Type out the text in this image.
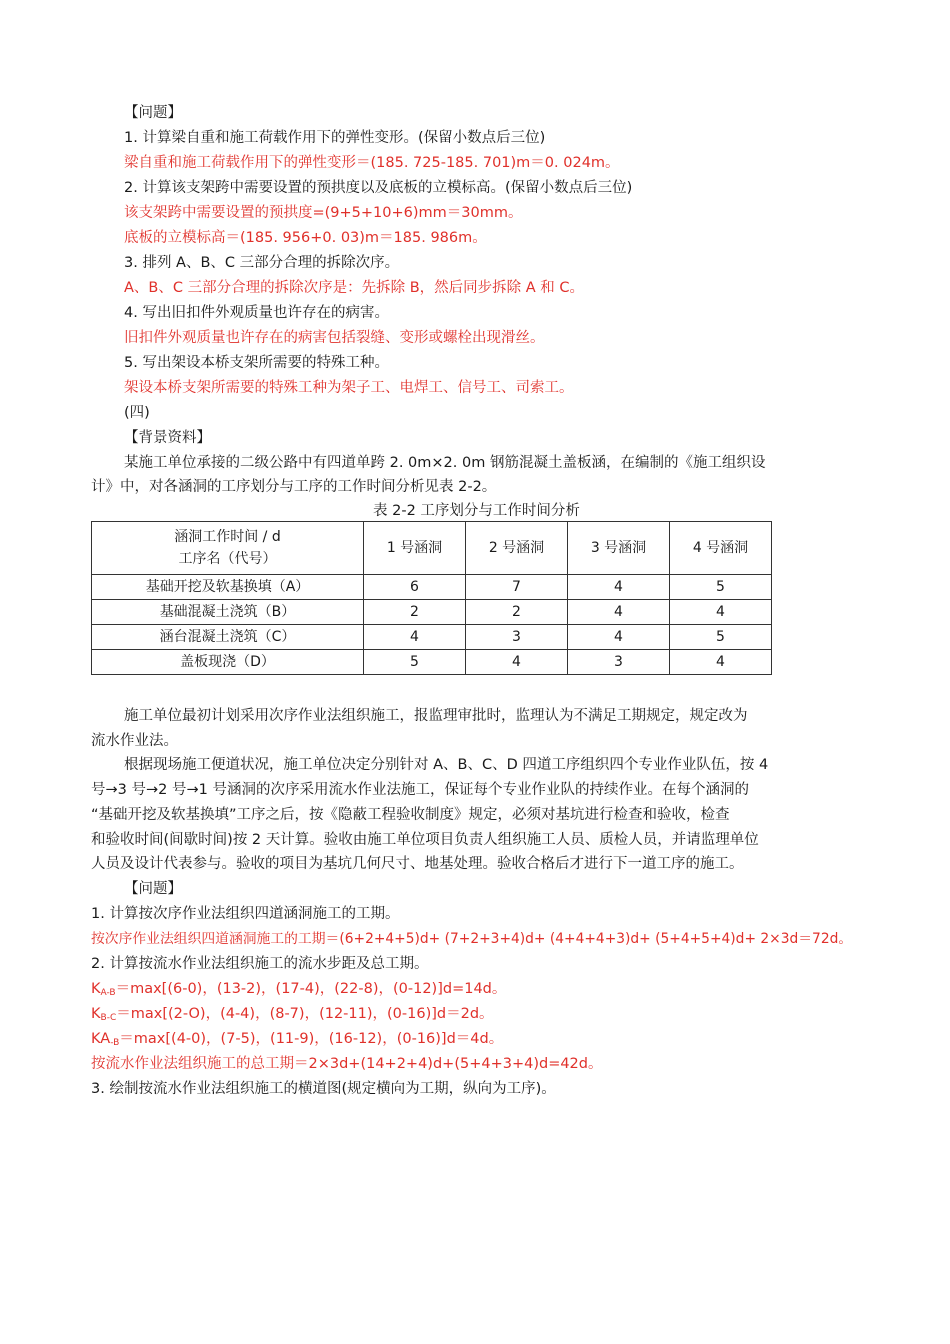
【问题】
1. 计算梁自重和施工荷载作用下的弹性变形。(保留小数点后三位)
梁自重和施工荷载作用下的弹性变形＝(185. 725-185. 701)m＝0. 024m。
2. 计算该支架跨中需要设置的预拱度以及底板的立模标高。(保留小数点后三位)
该支架跨中需要设置的预拱度=(9+5+10+6)mm＝30mm。
底板的立模标高＝(185. 956+0. 03)m＝185. 986m。
3. 排列 A、B、C 三部分合理的拆除次序。
A、B、C 三部分合理的拆除次序是：先拆除 B，然后同步拆除 A 和 C。
4. 写出旧扣件外观质量也许存在的病害。
旧扣件外观质量也许存在的病害包括裂缝、变形或螺栓出现滑丝。
5. 写出架设本桥支架所需要的特殊工种。
架设本桥支架所需要的特殊工种为架子工、电焊工、信号工、司索工。
(四)
【背景资料】
某施工单位承接的二级公路中有四道单跨 2. 0m×2. 0m 钢筋混凝土盖板涵，在编制的《施工组织设
计》中，对各涵洞的工序划分与工序的工作时间分析见表 2-2。
表 2-2 工序划分与工作时间分析
涵洞工作时间 / d
工序名（代号）	1 号涵洞	2 号涵洞	3 号涵洞	4 号涵洞
基础开挖及软基换填（A）	6	7	4	5
基础混凝土浇筑（B）	2	2	4	4
涵台混凝土浇筑（C）	4	3	4	5
盖板现浇（D）	5	4	3	4
施工单位最初计划采用次序作业法组织施工，报监理审批时，监理认为不满足工期规定，规定改为
流水作业法。
根据现场施工便道状况，施工单位决定分别针对 A、B、C、D 四道工序组织四个专业作业队伍，按 4
号→3 号→2 号→1 号涵洞的次序采用流水作业法施工，保证每个专业作业队的持续作业。在每个涵洞的
“基础开挖及软基换填”工序之后，按《隐蔽工程验收制度》规定，必须对基坑进行检查和验收，检查
和验收时间(间歇时间)按 2 天计算。验收由施工单位项目负责人组织施工人员、质检人员，并请监理单位
人员及设计代表参与。验收的项目为基坑几何尺寸、地基处理。验收合格后才进行下一道工序的施工。
【问题】
1. 计算按次序作业法组织四道涵洞施工的工期。
按次序作业法组织四道涵洞施工的工期＝(6+2+4+5)d+ (7+2+3+4)d+ (4+4+4+3)d+ (5+4+5+4)d+ 2×3d＝72d。
2. 计算按流水作业法组织施工的流水步距及总工期。
$K_{A-B}=\max[(6-0)$，(13-2)，(17-4)，(22-8)，(0-12)]d=14d。
$K_{B-C}=\max[(2-O)$，(4-4)，(8-7)，(12-11)，(0-16)]d＝2d。
$KA_{-B}=\max[(4-0)$，(7-5)，(11-9)，(16-12)，(0-16)]d＝4d。
按流水作业法组织施工的总工期＝2×3d+(14+2+4)d+(5+4+3+4)d=42d。
3. 绘制按流水作业法组织施工的横道图(规定横向为工期，纵向为工序)。
